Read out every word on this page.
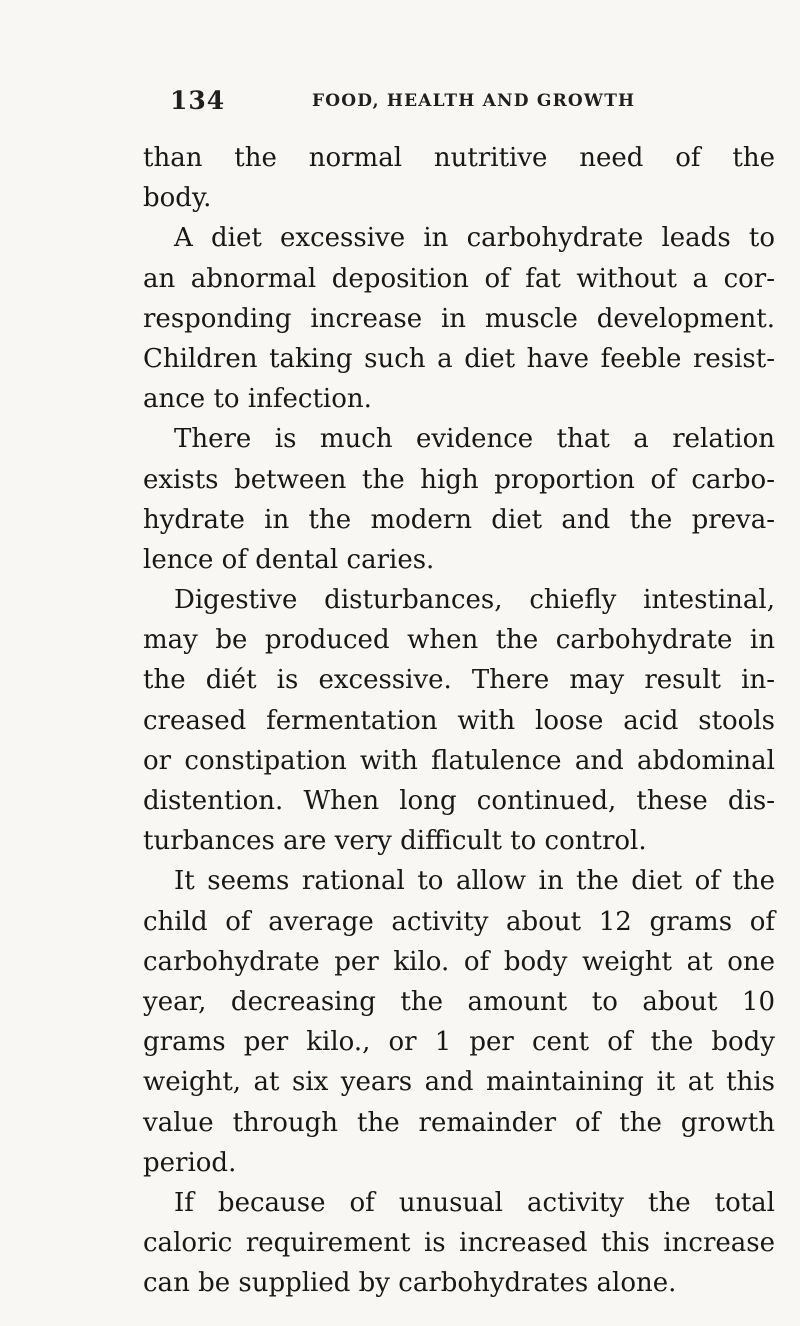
134	FOOD, HEALTH AND GROWTH
than the normal nutritive need of the
body.
A diet excessive in carbohydrate leads to
an abnormal deposition of fat without a cor-
responding increase in muscle development.
Children taking such a diet have feeble resist-
ance to infection.
There is much evidence that a relation
exists between the high proportion of carbo-
hydrate in the modern diet and the preva-
lence of dental caries.
Digestive disturbances, chiefly intestinal,
may be produced when the carbohydrate in
the diét is excessive. There may result in-
creased fermentation with loose acid stools
or constipation with flatulence and abdominal
distention. When long continued, these dis-
turbances are very difficult to control.
It seems rational to allow in the diet of the
child of average activity about 12 grams of
carbohydrate per kilo. of body weight at one
year, decreasing the amount to about 10
grams per kilo., or 1 per cent of the body
weight, at six years and maintaining it at this
value through the remainder of the growth
period.
If because of unusual activity the total
caloric requirement is increased this increase
can be supplied by carbohydrates alone.
